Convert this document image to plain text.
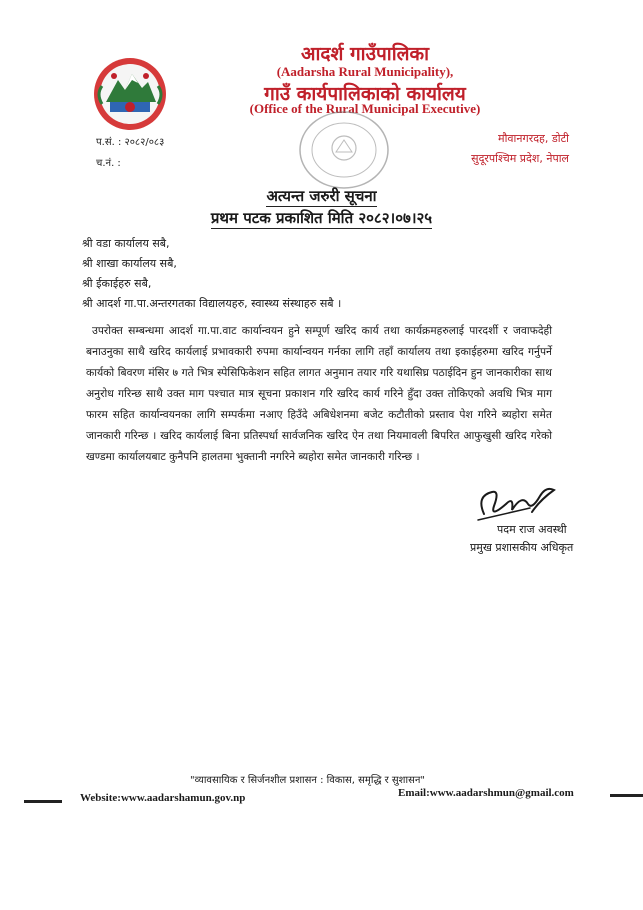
आदर्श गाउँपालिका
(Aadarsha Rural Municipality),
गाउँ कार्यपालिकाको कार्यालय
(Office of the Rural Municipal Executive)
प.सं. : २०८२/०८३
च.नं. :
मौवानगरदह, डोटी
सुदूरपश्चिम प्रदेश, नेपाल
अत्यन्त जरुरी सूचना
प्रथम पटक प्रकाशित मिति २०८२।०७।२५
श्री वडा कार्यालय सबै,
श्री शाखा कार्यालय सबै,
श्री ईकाईहरु सबै,
श्री आदर्श गा.पा.अन्तरगतका विद्यालयहरु, स्वास्थ्य संस्थाहरु सबै ।
उपरोक्त सम्बन्धमा आदर्श गा.पा.वाट कार्यान्वयन हुने सम्पूर्ण खरिद कार्य तथा कार्यक्रमहरुलाई पारदर्शी र जवाफदेही बनाउनुका साथै खरिद कार्यलाई प्रभावकारी रुपमा कार्यान्वयन गर्नका लागि तहाँ कार्यालय तथा इकाईहरुमा खरिद गर्नुपर्ने कार्यको बिवरण मंसिर ७ गते भित्र स्पेसिफिकेशन सहित लागत अनुमान तयार गरि यथासिघ्र पठाईदिन हुन जानकारीका साथ अनुरोध गरिन्छ साथै उक्त माग पश्चात मात्र सूचना प्रकाशन गरि खरिद कार्य गरिने हुँदा उक्त तोकिएको अवधि भित्र माग फारम सहित कार्यान्वयनका लागि सम्पर्कमा नआए हिउँदे अबिधेशनमा बजेट कटौतीको प्रस्ताव पेश गरिने ब्यहोरा समेत जानकारी गरिन्छ । खरिद कार्यलाई बिना प्रतिस्पर्धा सार्वजनिक खरिद ऐन तथा नियमावली बिपरित आफुखुसी खरिद गरेको खण्डमा कार्यालयबाट कुनैपनि हालतमा भुक्तानी नगरिने ब्यहोरा समेत जानकारी गरिन्छ ।
पदम राज अवस्थी
प्रमुख प्रशासकीय अधिकृत
"व्यावसायिक र सिर्जनशील प्रशासन : विकास, समृद्धि र सुशासन"
Website:www.aadarshamun.gov.np	Email:www.aadarshmun@gmail.com
